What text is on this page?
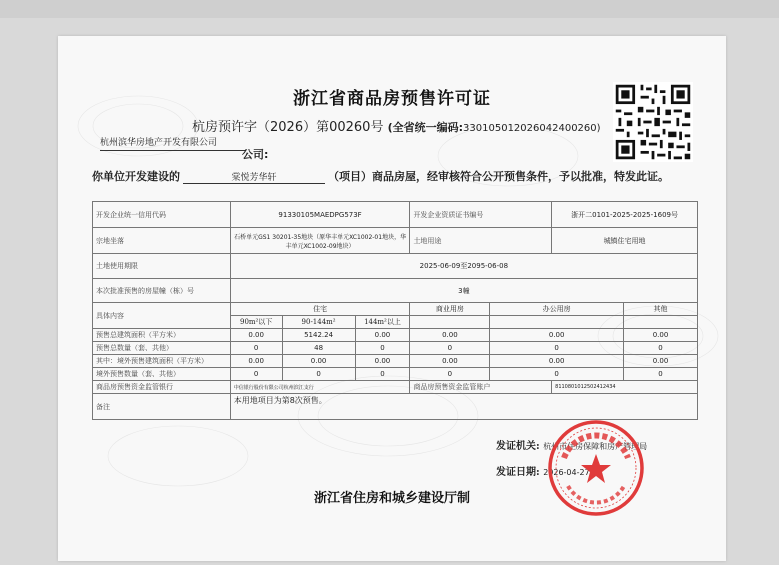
浙江省商品房预售许可证
杭房预许字（2026）第00260号 (全省统一编码:330105012026042400260)
杭州滨华房地产开发有限公司
公司:
你单位开发建设的	棠悦芳华轩	（项目）商品房屋，经审核符合公开预售条件，予以批准，特发此证。
开发企业统一信用代码	91330105MAEDPG573F			开发企业资质证书编号		浙开二0101-2025-2025-1609号	
宗地坐落	石桥单元GS1 30201-35地块（原华丰单元XC1002-01地块，华丰单元XC1002-09地块）			土地用途		城镇住宅用地	
土地使用期限	2025-06-09至2095-06-08						
本次批准预售的房屋幢（栋）号	3幢						
具体内容	住宅			商业用房	办公用房		其他
	90m²以下	90-144m²	144m²以上				
预售总建筑面积（平方米）	0.00	5142.24	0.00	0.00	0.00		0.00
预售总数量（套、共他）	0	48	0	0	0		0
其中：境外预售建筑面积（平方米）	0.00	0.00	0.00	0.00	0.00		0.00
境外预售数量（套、共他）	0	0	0	0	0		0
商品房预售资金监管银行	中信银行股份有限公司杭州滨江支行			商品房预售资金监管账户		8110801012502412434	
备注	本用地项目为第8次预售。						
发证机关: 杭州市住房保障和房产管理局
发证日期: 2026-04-27
浙江省住房和城乡建设厅制
